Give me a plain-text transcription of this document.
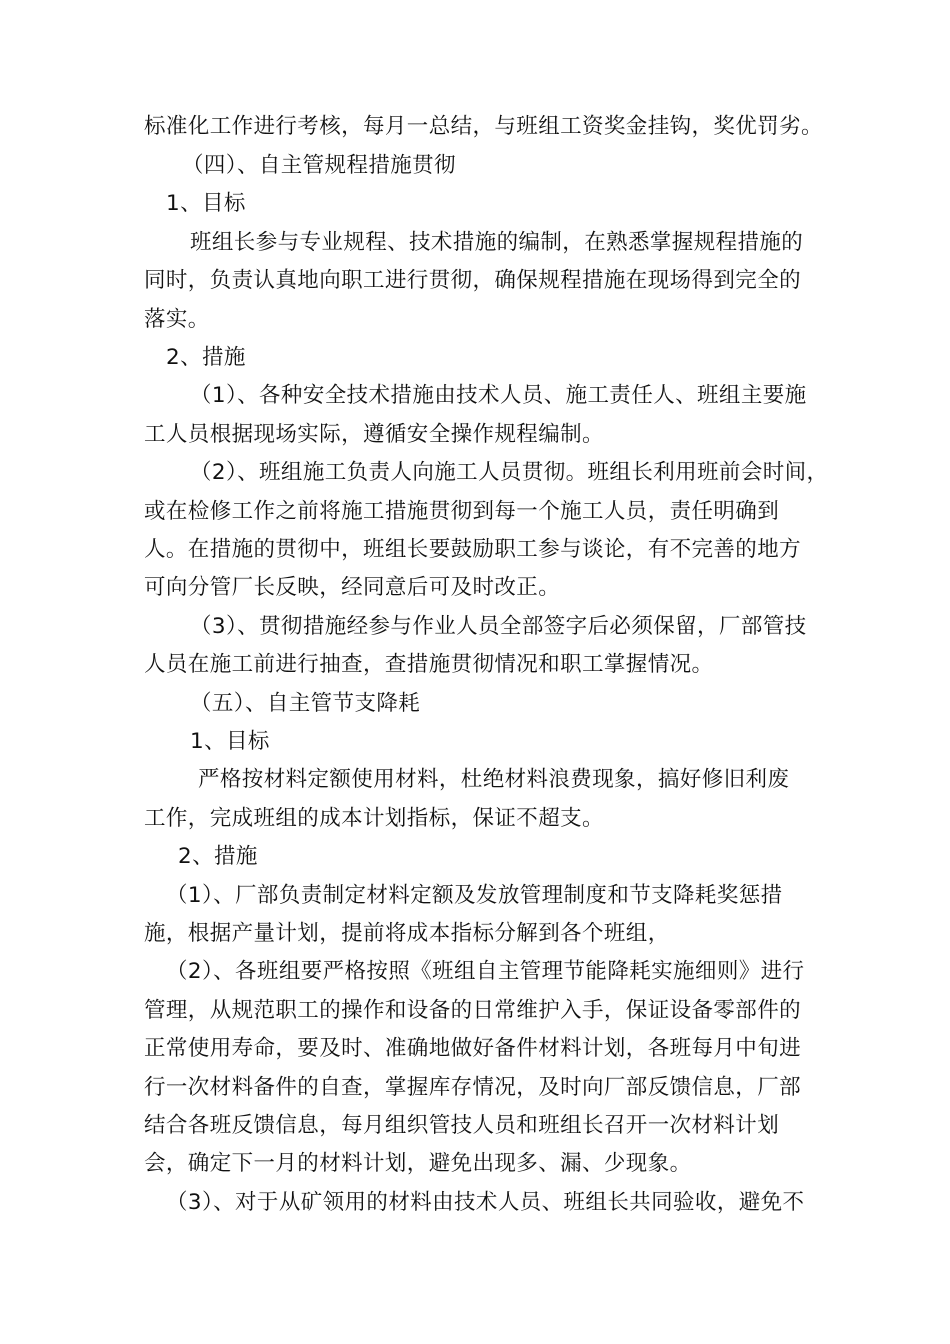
标准化工作进行考核，每月一总结，与班组工资奖金挂钩，奖优罚劣。
（四）、自主管规程措施贯彻
1、目标
班组长参与专业规程、技术措施的编制，在熟悉掌握规程措施的
同时，负责认真地向职工进行贯彻，确保规程措施在现场得到完全的
落实。
2、措施
（1）、各种安全技术措施由技术人员、施工责任人、班组主要施
工人员根据现场实际，遵循安全操作规程编制。
（2）、班组施工负责人向施工人员贯彻。班组长利用班前会时间，
或在检修工作之前将施工措施贯彻到每一个施工人员，责任明确到
人。在措施的贯彻中，班组长要鼓励职工参与谈论，有不完善的地方
可向分管厂长反映，经同意后可及时改正。
（3）、贯彻措施经参与作业人员全部签字后必须保留，厂部管技
人员在施工前进行抽查，查措施贯彻情况和职工掌握情况。
（五）、自主管节支降耗
1、目标
严格按材料定额使用材料，杜绝材料浪费现象，搞好修旧利废
工作，完成班组的成本计划指标，保证不超支。
2、措施
（1）、厂部负责制定材料定额及发放管理制度和节支降耗奖惩措
施，根据产量计划，提前将成本指标分解到各个班组，
（2）、各班组要严格按照《班组自主管理节能降耗实施细则》进行
管理，从规范职工的操作和设备的日常维护入手，保证设备零部件的
正常使用寿命，要及时、准确地做好备件材料计划，各班每月中旬进
行一次材料备件的自查，掌握库存情况，及时向厂部反馈信息，厂部
结合各班反馈信息，每月组织管技人员和班组长召开一次材料计划
会，确定下一月的材料计划，避免出现多、漏、少现象。
（3）、对于从矿领用的材料由技术人员、班组长共同验收，避免不
